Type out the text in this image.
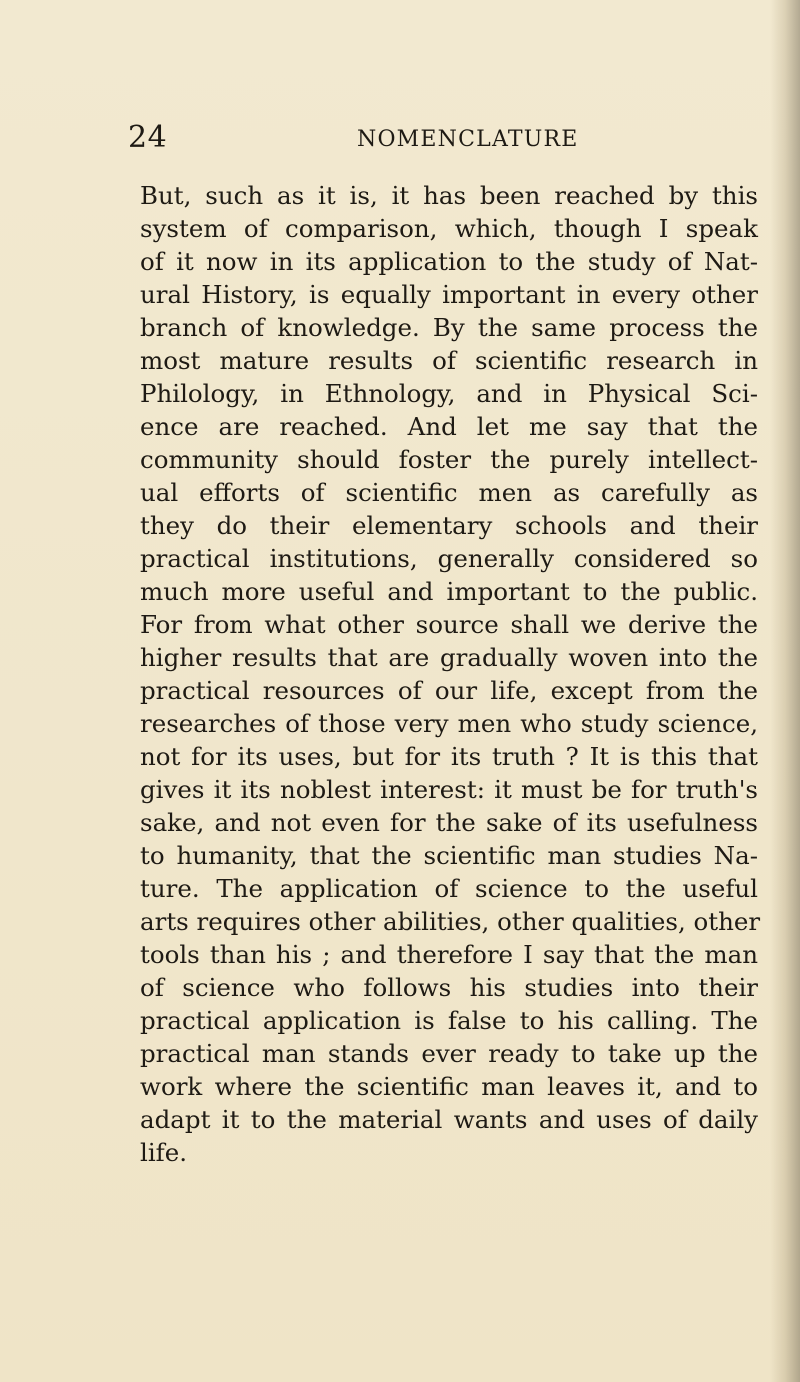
24	NOMENCLATURE
But, such as it is, it has been reached by this
system of comparison, which, though I speak
of it now in its application to the study of Nat-
ural History, is equally important in every other
branch of knowledge. By the same process the
most mature results of scientific research in
Philology, in Ethnology, and in Physical Sci-
ence are reached. And let me say that the
community should foster the purely intellect-
ual efforts of scientific men as carefully as
they do their elementary schools and their
practical institutions, generally considered so
much more useful and important to the public.
For from what other source shall we derive the
higher results that are gradually woven into the
practical resources of our life, except from the
researches of those very men who study science,
not for its uses, but for its truth ? It is this that
gives it its noblest interest: it must be for truth's
sake, and not even for the sake of its usefulness
to humanity, that the scientific man studies Na-
ture. The application of science to the useful
arts requires other abilities, other qualities, other
tools than his ; and therefore I say that the man
of science who follows his studies into their
practical application is false to his calling. The
practical man stands ever ready to take up the
work where the scientific man leaves it, and to
adapt it to the material wants and uses of daily
life.
